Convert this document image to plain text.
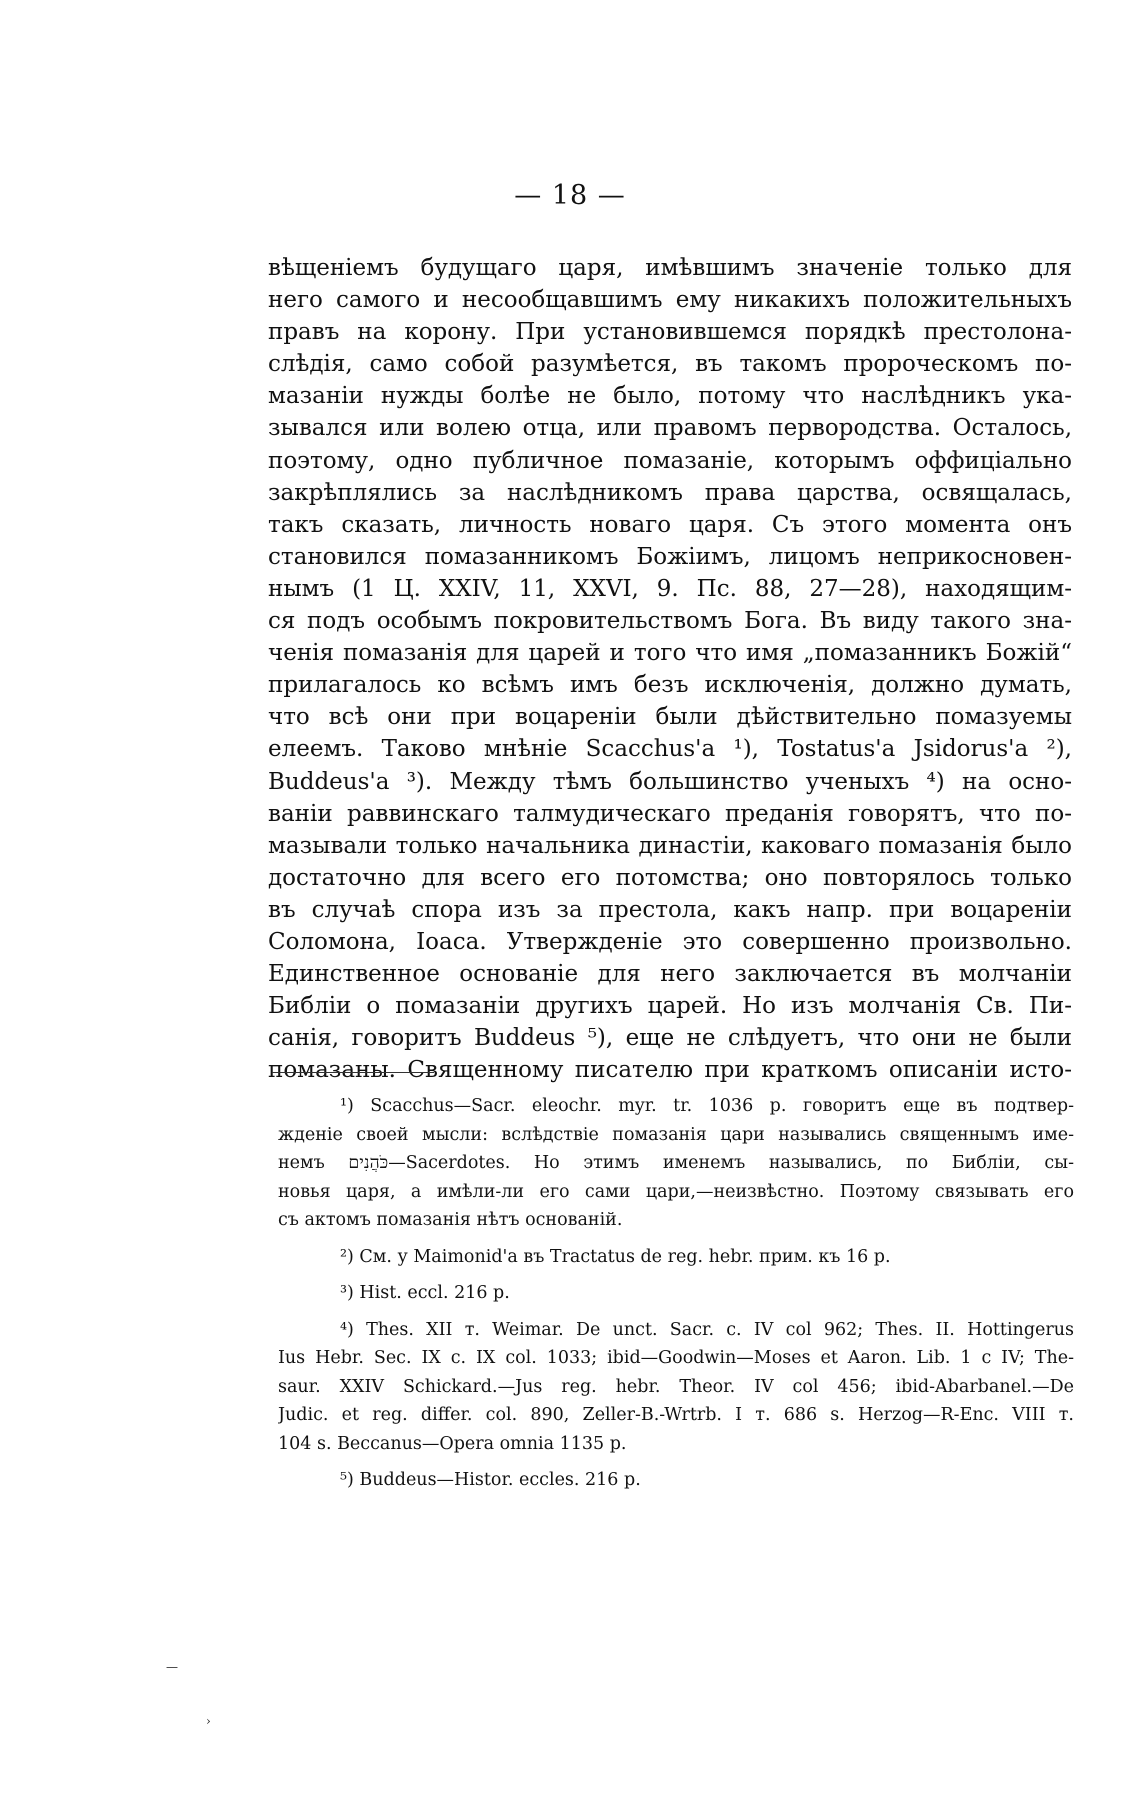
— 18 —
вѣщеніемъ будущаго царя, имѣвшимъ значеніе только для
него самого и несообщавшимъ ему никакихъ положительныхъ
правъ на корону. При установившемся порядкѣ престолона-
слѣдія, само собой разумѣется, въ такомъ пророческомъ по-
мазаніи нужды болѣе не было, потому что наслѣдникъ ука-
зывался или волею отца, или правомъ первородства. Осталось,
поэтому, одно публичное помазаніе, которымъ оффиціально
закрѣплялись за наслѣдникомъ права царства, освящалась,
такъ сказать, личность новаго царя. Съ этого момента онъ
становился помазанникомъ Божіимъ, лицомъ неприкосновен-
нымъ (1 Ц. XXIV, 11, XXVI, 9. Пс. 88, 27—28), находящим-
ся подъ особымъ покровительствомъ Бога. Въ виду такого зна-
ченія помазанія для царей и того что имя „помазанникъ Божій“
прилагалось ко всѣмъ имъ безъ исключенія, должно думать,
что всѣ они при воцареніи были дѣйствительно помазуемы
елеемъ. Таково мнѣніе Scacchus'а ¹), Tostatus'а Jsidorus'а ²),
Buddeus'а ³). Между тѣмъ большинство ученыхъ ⁴) на осно-
ваніи раввинскаго талмудическаго преданія говорятъ, что по-
мазывали только начальника династіи, каковаго помазанія было
достаточно для всего его потомства; оно повторялось только
въ случаѣ спора изъ за престола, какъ напр. при воцареніи
Соломона, Іоаса. Утвержденіе это совершенно произвольно.
Единственное основаніе для него заключается въ молчаніи
Библіи о помазаніи другихъ царей. Но изъ молчанія Св. Пи-
санія, говоритъ Buddeus ⁵), еще не слѣдуетъ, что они не были
помазаны. Священному писателю при краткомъ описаніи исто-
¹) Scacchus—Sacr. eleochr. myr. tr. 1036 p. говоритъ еще въ подтвер-
жденіе своей мысли: вслѣдствіе помазанія цари назывались священнымъ име-
немъ כֹּהֲנִים—Sacerdotes. Но этимъ именемъ назывались, по Библіи, сы-
новья царя, а имѣли-ли его сами цари,—неизвѣстно. Поэтому связывать его
съ актомъ помазанія нѣтъ основаній.
²) См. у Maimonid'а въ Tractatus de reg. hebr. прим. къ 16 p.
³) Hist. eccl. 216 p.
⁴) Thes. XII т. Weimar. De unct. Sacr. c. IV col 962; Thes. II. Hottingerus
Ius Hebr. Sec. IX c. IX col. 1033; ibid—Goodwin—Moses et Aaron. Lib. 1 c IV; The-
saur. XXIV Schickard.—Jus reg. hebr. Theor. IV col 456; ibid-Abarbanel.—De
Judic. et reg. differ. col. 890, Zeller-B.-Wrtrb. I т. 686 s. Herzog—R-Enc. VIII т.
104 s. Beccanus—Opera omnia 1135 p.
⁵) Buddeus—Histor. eccles. 216 p.
—
›
